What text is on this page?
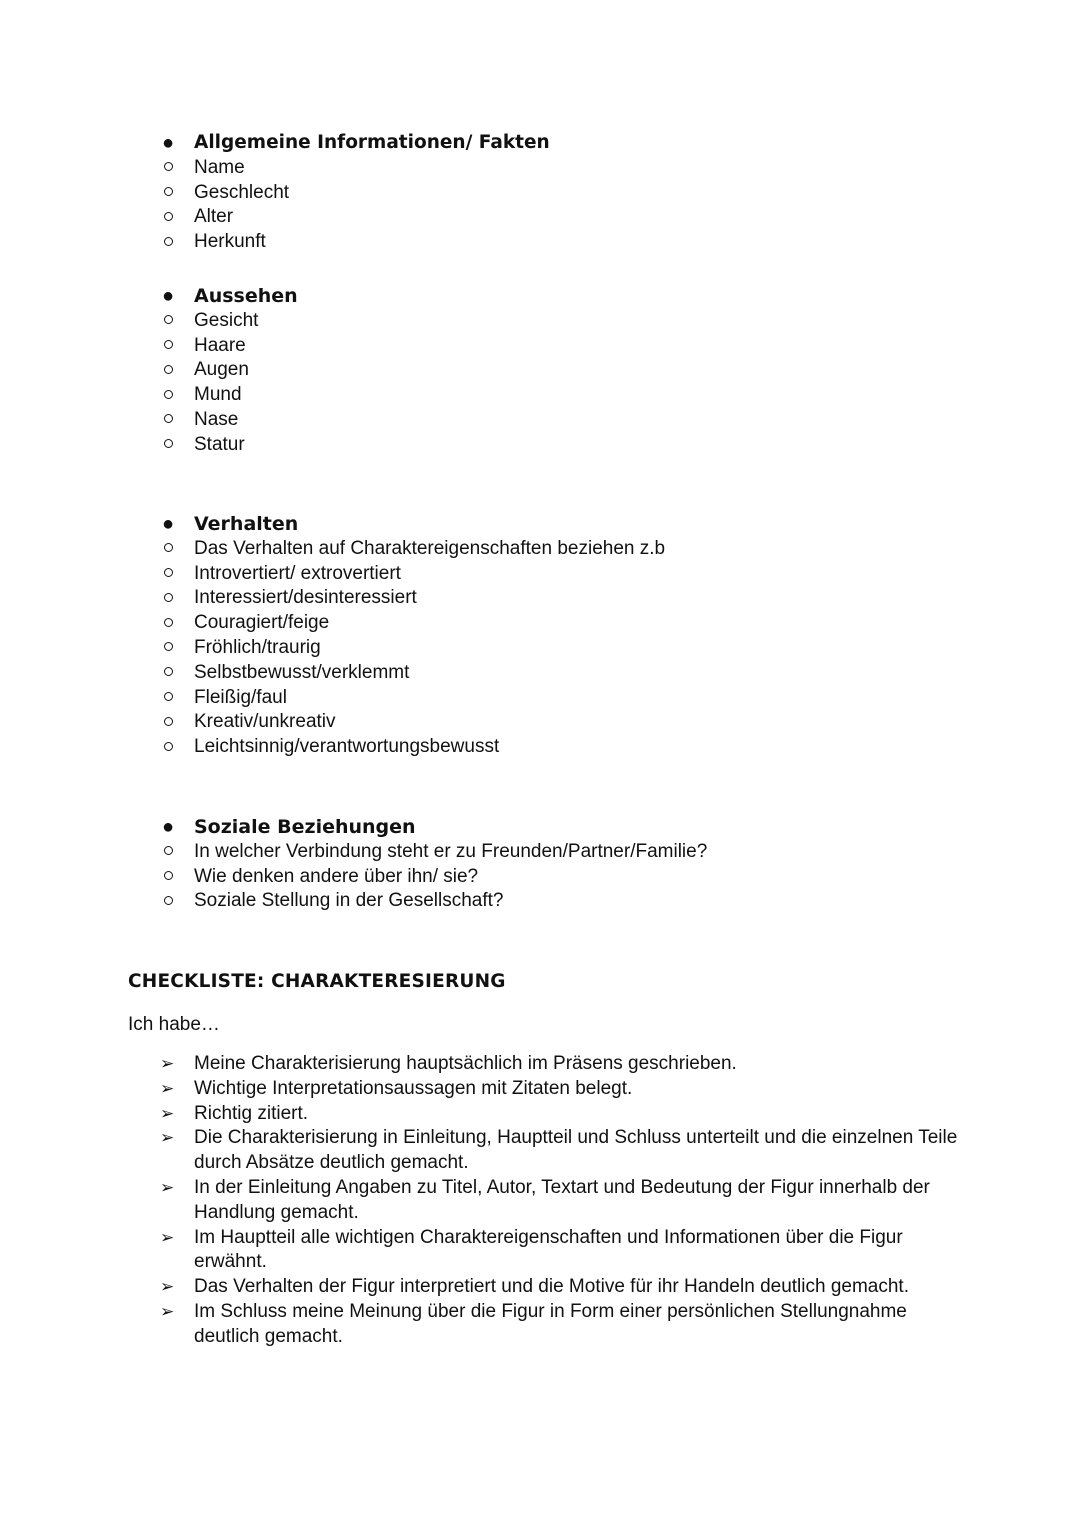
● Allgemeine Informationen/ Fakten
Name
Geschlecht
Alter
Herkunft
● Aussehen
Gesicht
Haare
Augen
Mund
Nase
Statur
● Verhalten
Das Verhalten auf Charaktereigenschaften beziehen z.b
Introvertiert/ extrovertiert
Interessiert/desinteressiert
Couragiert/feige
Fröhlich/traurig
Selbstbewusst/verklemmt
Fleißig/faul
Kreativ/unkreativ
Leichtsinnig/verantwortungsbewusst
● Soziale Beziehungen
In welcher Verbindung steht er zu Freunden/Partner/Familie?
Wie denken andere über ihn/ sie?
Soziale Stellung in der Gesellschaft?
CHECKLISTE: CHARAKTERESIERUNG
Ich habe…
➢ Meine Charakterisierung hauptsächlich im Präsens geschrieben.
➢ Wichtige Interpretationsaussagen mit Zitaten belegt.
➢ Richtig zitiert.
➢ Die Charakterisierung in Einleitung, Hauptteil und Schluss unterteilt und die einzelnen Teile durch Absätze deutlich gemacht.
➢ In der Einleitung Angaben zu Titel, Autor, Textart und Bedeutung der Figur innerhalb der Handlung gemacht.
➢ Im Hauptteil alle wichtigen Charaktereigenschaften und Informationen über die Figur erwähnt.
➢ Das Verhalten der Figur interpretiert und die Motive für ihr Handeln deutlich gemacht.
➢ Im Schluss meine Meinung über die Figur in Form einer persönlichen Stellungnahme deutlich gemacht.
